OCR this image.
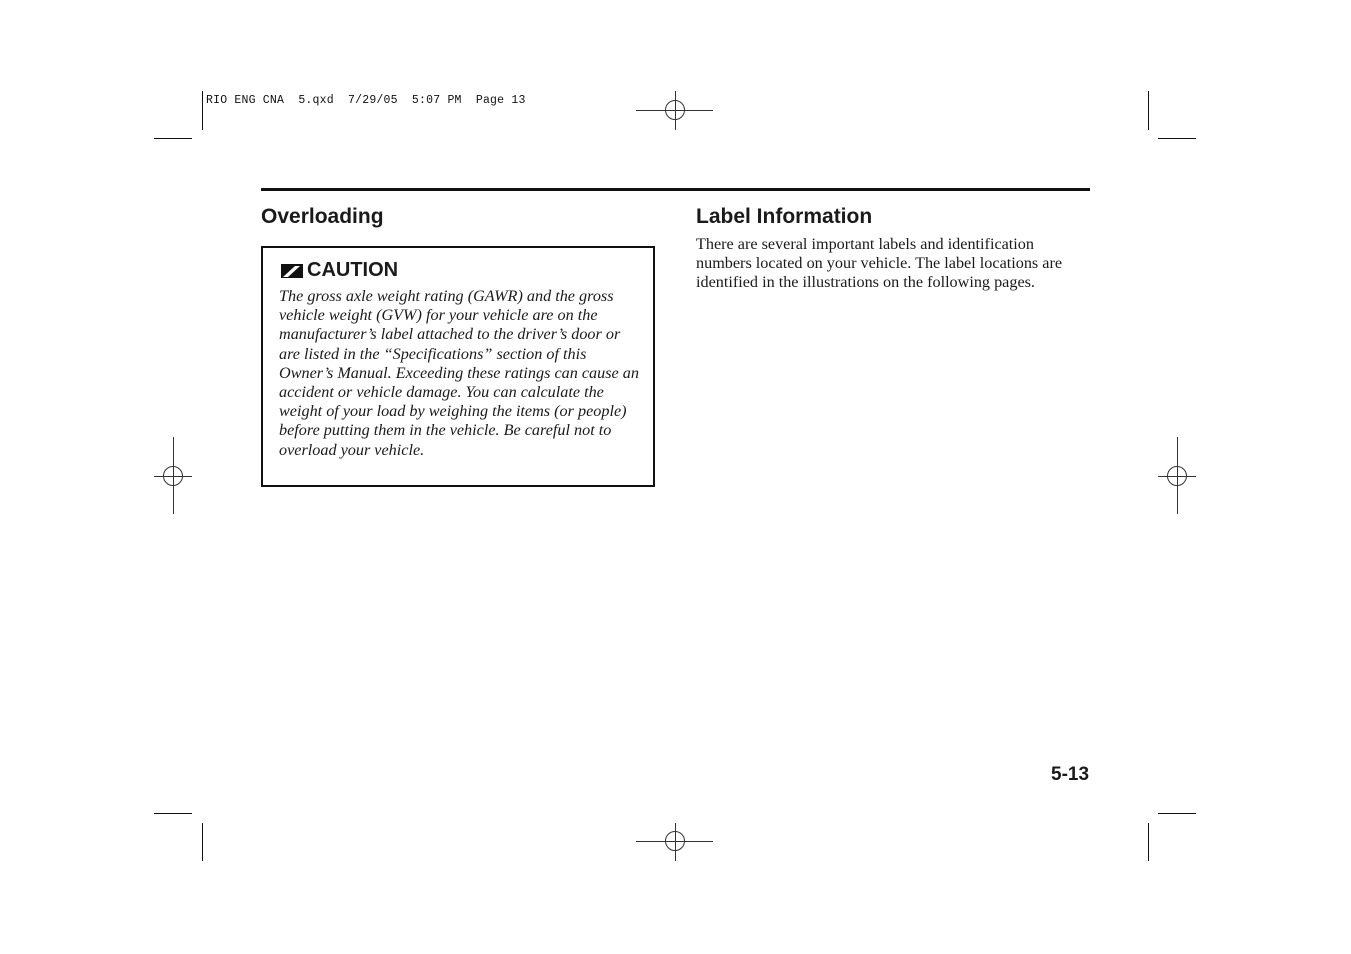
RIO ENG CNA  5.qxd  7/29/05  5:07 PM  Page 13
Overloading
CAUTION
The gross axle weight rating (GAWR) and the gross vehicle weight (GVW) for your vehicle are on the manufacturer’s label attached to the driver’s door or are listed in the “Specifications” section of this Owner’s Manual. Exceeding these ratings can cause an accident or vehicle damage. You can calculate the weight of your load by weighing the items (or people) before putting them in the vehicle. Be careful not to overload your vehicle.
Label Information
There are several important labels and identification numbers located on your vehicle. The label locations are identified in the illustrations on the following pages.
5-13
